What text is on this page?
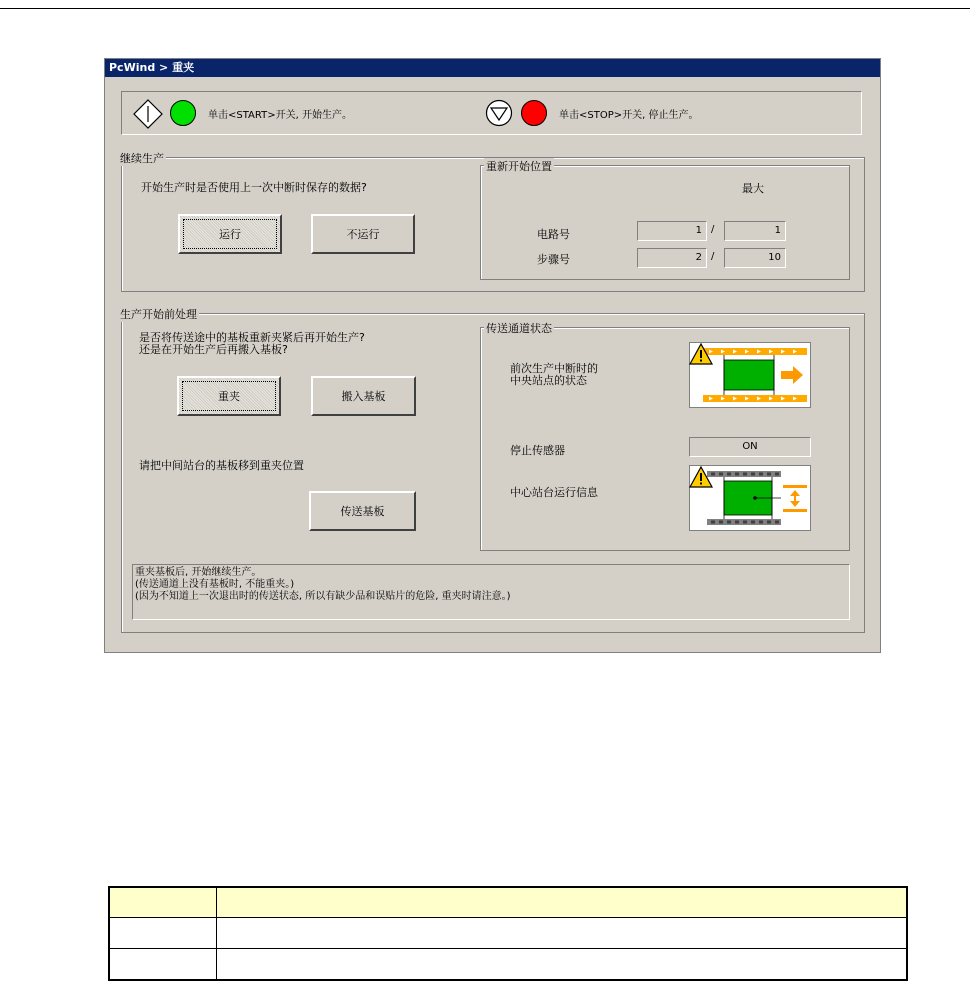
PcWind > 重夹
单击<START>开关, 开始生产。	单击<STOP>开关, 停止生产。
继续生产
开始生产时是否使用上一次中断时保存的数据?
运行	不运行
重新开始位置
最大
电路号	1 /	1
步骤号	2 /	10
生产开始前处理
是否将传送途中的基板重新夹紧后再开始生产?
还是在开始生产后再搬入基板?
重夹	搬入基板
请把中间站台的基板移到重夹位置
传送基板
传送通道状态
前次生产中断时的
中央站点的状态
停止传感器	ON
中心站台运行信息
重夹基板后, 开始继续生产。
(传送通道上没有基板时, 不能重夹。)
(因为不知道上一次退出时的传送状态, 所以有缺少品和误贴片的危险, 重夹时请注意。)
